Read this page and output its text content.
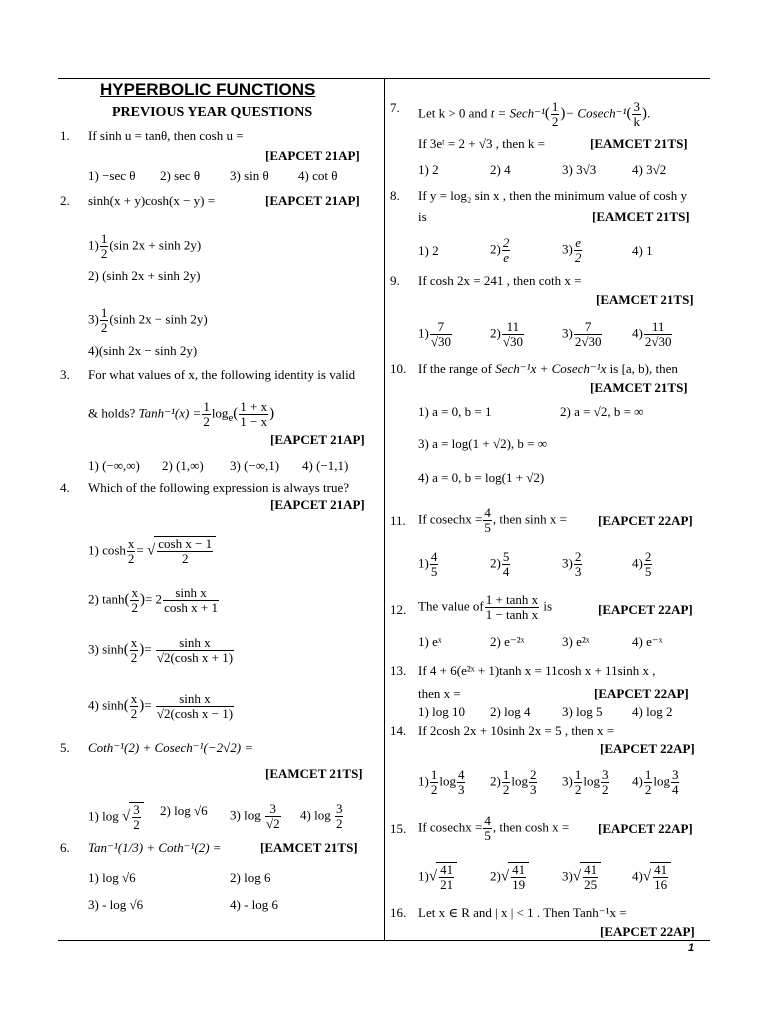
1
HYPERBOLIC FUNCTIONS
PREVIOUS YEAR QUESTIONS
1. If sinh u = tanθ, then cosh u =
[EAPCET 21AP]
1) −sec θ 2) sec θ 3) sin θ 4) cot θ
2. sinh(x + y)cosh(x − y) =	[EAPCET 21AP]
$1) \frac{1}{2} (\sin$ 2x + sinh 2y)
2) (sinh 2x + sinh 2y)
$3) \frac{1}{2} (\sinh$ 2x − sinh 2y)
4)(sinh 2x − sinh 2y)
3. For what values of x, the following identity is valid
& holds? Tanh⁻¹(x) = $\frac{1}{2} \log_e( \frac{1 + x}{1 - x}$ )
[EAPCET 21AP]
1) (−∞,∞) 2) (1,∞) 3) (−∞,1) 4) (−1,1)
4. Which of the following expression is always true?
[EAPCET 21AP]
1) $\cosh \frac{x}{2}$ = √ $\frac{\text{cosh x − 1}}{2}$
2) $\tanh( \frac{x}{2}$ )= $2 \frac{\text{sinh x}}{\text{cosh x + 1}}$
3) $\sinh( \frac{x}{2}$ )= $\frac{\text{sinh x}}{\text{√2(cosh x + 1)}}$
4) $\sinh( \frac{x}{2}$ )= $\frac{\text{sinh x}}{\text{√2(cosh x − 1)}}$
5. Coth⁻¹(2) + Cosech⁻¹(−2√2) =
[EAMCET 21TS]
1) log √ $\frac{3}{2} 2$) log √6 3) $\log \frac{3}{√2} 4$) $\log \frac{3}{2}$
6. Tan⁻¹(1/3) + Coth⁻¹(2) =	[EAMCET 21TS]
1) log √6	2) log 6
3) - log √6	4) - log 6
7. Let k > 0 and t = Sech⁻¹( $\frac{1}{2}$ )− $Cosech^{-1}( \frac{3}{k}$ ).
If 3eᵗ = 2 + √3 , then k =	[EAMCET 21TS]
1) 2	2) 4	3) 3√3	4) 3√2
8. If y = log₂ sin x , then the minimum value of cosh y
is	[EAMCET 21TS]
1) 2	$2) \frac{2}{e}$	$3) \frac{e}{2}$	4) 1
9. If cosh 2x = 241 , then coth x =
[EAMCET 21TS]
$1) \frac{7}{√30}$	$2) \frac{11}{√30}$	$3) \frac{7}{2√30} 4) \frac{11}{2√30}$
10. If the range of Sech⁻¹x + Cosech⁻¹x is [a, b), then
[EAMCET 21TS]
1) a = 0, b = 1	2) a = √2, b = ∞
3) a = log(1 + √2), b = ∞
4) a = 0, b = log(1 + √2)
11. If cosechx = $\frac{4}{5}$ , then sinh x = [EAPCET 22AP]
$1) \frac{4}{5}$	$2) \frac{5}{4}$	$3) \frac{2}{3}$	$4) \frac{2}{5}$
12. The value of $\frac{\text{1 + tanh x}}{\text{1 − tanh x}}$ is	[EAPCET 22AP]
1) eˣ	2) e⁻²ˣ	3) e²ˣ	4) e⁻ˣ
13. If 4 + 6(e²ˣ + 1)tanh x = 11cosh x + 11sinh x ,
then x =	[EAPCET 22AP]
1) log 10 2) log 4 3) log 5 4) log 2
14. If 2cosh 2x + 10sinh 2x = 5 , then x =
[EAPCET 22AP]
$1) \frac{1}{2}$ $\log \frac{4}{3} 2) \frac{1}{2}$ $\log \frac{2}{3} 3) \frac{1}{2}$ $\log \frac{3}{2} 4) \frac{1}{2}$ $\log \frac{3}{4}$
15. If cosechx = $\frac{4}{5}$ , then cosh x = [EAPCET 22AP]
$1)√ \frac{41}{21}$	$2)√ \frac{41}{19}$	$3)√ \frac{41}{25}$	$4)√ \frac{41}{16}$
16. Let x ∈ R and | x | < 1 . Then Tanh⁻¹x =
[EAPCET 22AP]
